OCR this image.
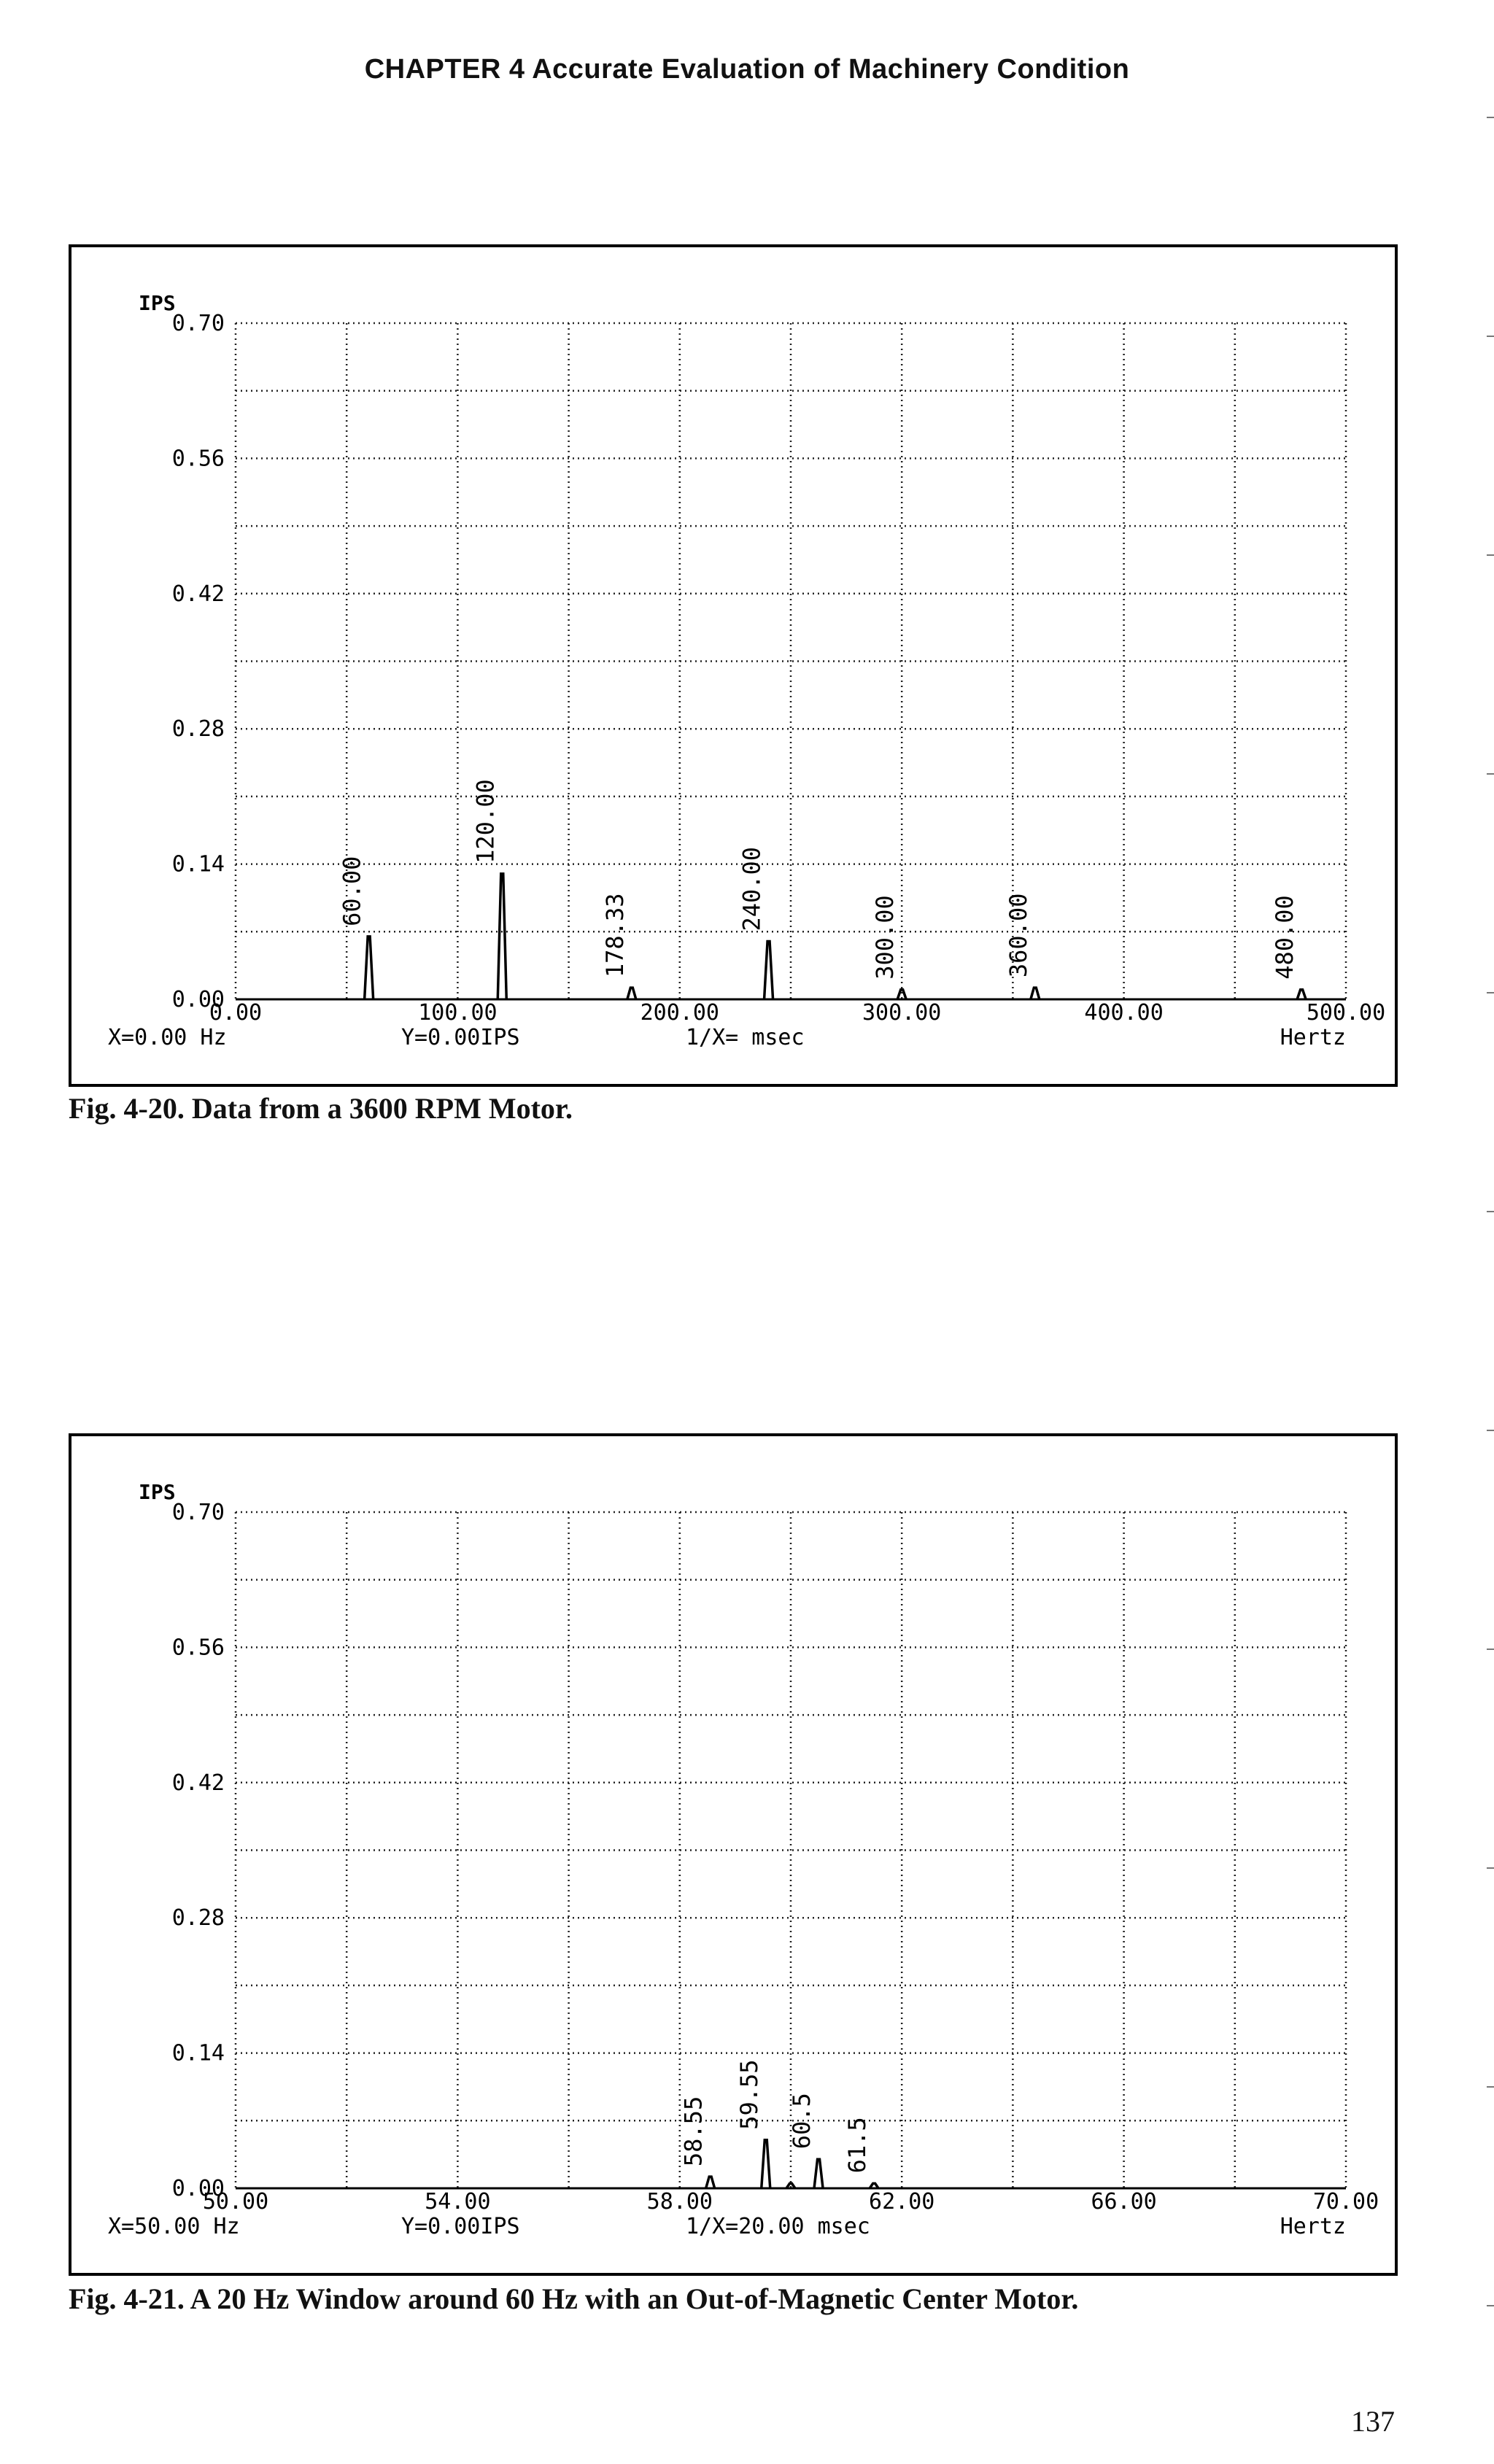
CHAPTER 4 Accurate Evaluation of Machinery Condition
IPS
0.70
0.56
0.42
0.28
0.14
0.00
0.00	100.00	200.00	300.00	400.00	500.00
X=0.00 Hz	Y=0.00IPS	1/X= msec	Hertz
60.00
120.00
178.33
240.00
300.00	360.00	480.00
Fig. 4-20. Data from a 3600 RPM Motor.
IPS
0.70
0.56
0.42
0.28
0.14
0.00
50.00	54.00	58.00	62.00	66.00	70.00
X=50.00 Hz	Y=0.00IPS	1/X=20.00 msec	Hertz
58.55
59.55 60.5 61.5
Fig. 4-21. A 20 Hz Window around 60 Hz with an Out-of-Magnetic Center Motor.
137
